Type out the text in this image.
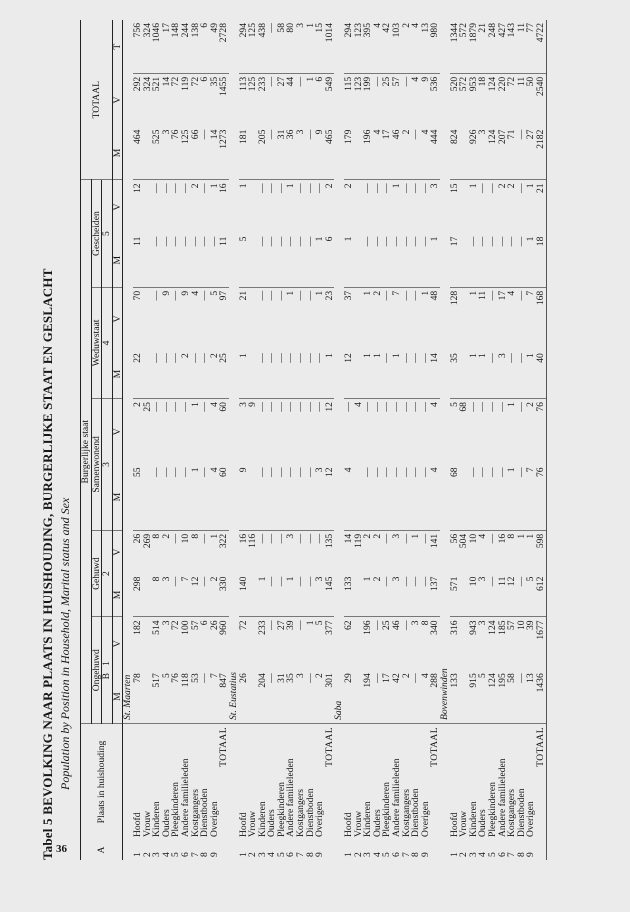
36
Tabel 5 BEVOLKING NAAR PLAATS IN HUISHOUDING, BURGERLIJKE STAAT EN GESLACHT Population by Position in Household, Marital status and Sex
A	Plaats in huishouding	Burgerlijke staat										TOTAAL		
		Ongehuwd		Gehuwd		Samenwonend		Weduwstaat		Gescheiden				
		B   1		2		3		4		5				
		M	V	M	V	M	V	M	V	M	V	M	V	T
		St. Maarten												
1	Hoofd	78	182	298	26	55	2	22	70	11	12	464	292	756
2	Vrouw				269		25						324	324
3	Kinderen	517	514	8	8	—	—	—	—	—	—	525	521	1046
4	Ouders	5	3	3	2	—	—	—	9	—	—	3	14	17
5	Pleegkinderen	76	72	—	—	—	—	—	—	—	—	76	72	148
6	Andere familieleden	118	100	7	10	—	—	2	9	—	—	125	119	244
7	Kostgangers	53	57	12	8	1	1	—	4	—	2	66	72	138
8	Dienstboden	—	6	—	—	—	—	—	—	—	—	—	6	6
9	Overigen	7	26	2	1	4	4	2	5	—	1	14	35	49
	TOTAAL	847	960	330	322	60	60	25	97	11	16	1273	1455	2728
		St. Eustatius												
1	Hoofd	26	72	140	16	9	3	1	21	5	1	181	113	294
2	Vrouw				116		9						125	125
3	Kinderen	204	233	1	—	—	—	—	—	—	—	205	233	438
4	Ouders	—	—	—	—	—	—	—	—	—	—	—	—	—
5	Pleegkinderen	31	27	—	—	—	—	—	—	—	—	31	27	58
6	Andere familieleden	35	39	1	3	—	—	—	1	—	1	36	44	80
7	Kostgangers	3	—	—	—	—	—	—	—	—	—	3	—	3
8	Dienstboden	—	1	—	—	—	—	—	—	—	—	—	1	1
9	Overigen	2	5	3	—	3	—	—	1	1	—	9	6	15
	TOTAAL	301	377	145	135	12	12	1	23	6	2	465	549	1014
		Saba												
1	Hoofd	29	62	133	14	4	—	12	37	1	2	179	115	294
2	Vrouw				119		4						123	123
3	Kinderen	194	196	1	2	—	—	1	1	—	—	196	199	395
4	Ouders	—	—	2	2	—	—	1	2	—	—	4	—	4
5	Pleegkinderen	17	25	—	—	—	—	—	—	—	—	17	25	42
6	Andere familieleden	42	46	3	3	—	—	1	7	—	1	46	57	103
7	Kostgangers	2	—	—	—	—	—	—	—	—	—	2	—	2
8	Dienstboden	—	3	—	1	—	—	—	—	—	—	—	4	4
9	Overigen	4	8	—	—	—	—	—	1	—	—	4	9	13
	TOTAAL	288	340	137	141	4	4	14	48	1	3	444	536	980
		Bovenwinden												
1	Hoofd	133	316	571	56	68	5	35	128	17	15	824	520	1344
2	Vrouw				504		68						572	572
3	Kinderen	915	943	10	10	—	—	1	1	—	1	926	953	1879
4	Ouders	5	3	3	4	—	—	1	11	—	—	3	18	21
5	Pleegkinderen	124	124	—	—	—	—	—	—	—	—	124	124	248
6	Andere familieleden	195	185	11	16	—	—	3	17	—	2	207	220	427
7	Kostgangers	58	57	12	8	1	1	—	4	—	2	71	72	143
8	Dienstboden	—	10	—	1	—	—	—	—	—	—	—	11	11
9	Overigen	13	39	5	1	7	2	1	7	1	1	27	50	77
	TOTAAL	1436	1677	612	598	76	76	40	168	18	21	2182	2540	4722
